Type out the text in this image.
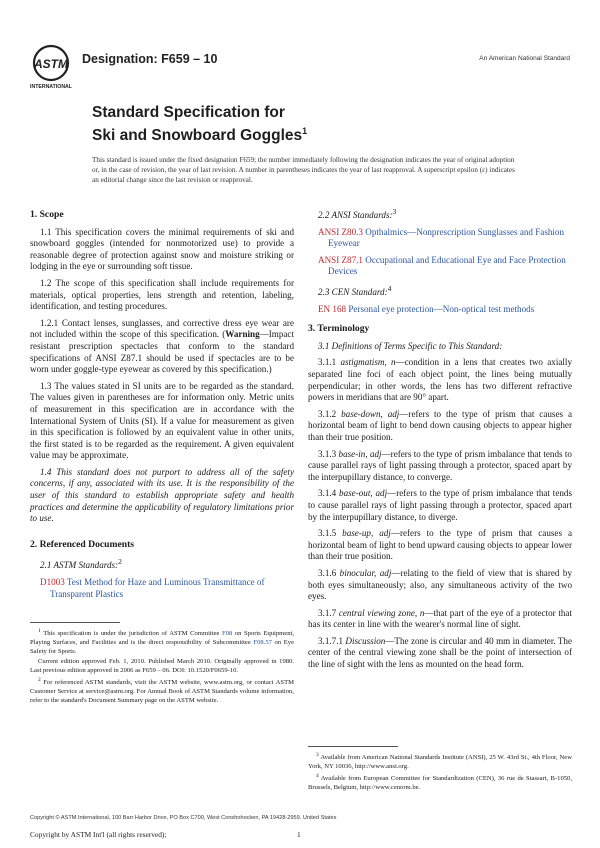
ASTM
INTERNATIONAL
Designation: F659 – 10	An American National Standard
Standard Specification for
Ski and Snowboard Goggles$^1$
This standard is issued under the fixed designation F659; the number immediately following the designation indicates the year of original adoption or, in the case of revision, the year of last revision. A number in parentheses indicates the year of last reapproval. A superscript epsilon (ε) indicates an editorial change since the last revision or reapproval.
1. Scope

1.1 This specification covers the minimal requirements of ski and snowboard goggles (intended for nonmotorized use) to provide a reasonable degree of protection against snow and moisture striking or lodging in the eye or surrounding soft tissue.

1.2 The scope of this specification shall include requirements for materials, optical properties, lens strength and retention, labeling, identification, and testing procedures.

1.2.1 Contact lenses, sunglasses, and corrective dress eye wear are not included within the scope of this specification. (Warning—Impact resistant prescription spectacles that conform to the standard specifications of ANSI Z87.1 should be used if spectacles are to be worn under goggle-type eyewear as covered by this specification.)

1.3 The values stated in SI units are to be regarded as the standard. The values given in parentheses are for information only. Metric units of measurement in this specification are in accordance with the International System of Units (SI). If a value for measurement as given in this specification is followed by an equivalent value in other units, the first stated is to be regarded as the requirement. A given equivalent value may be approximate.

1.4 This standard does not purport to address all of the safety concerns, if any, associated with its use. It is the responsibility of the user of this standard to establish appropriate safety and health practices and determine the applicability of regulatory limitations prior to use.

2. Referenced Documents

2.1 ASTM Standards:$^2$

D1003 Test Method for Haze and Luminous Transmittance of Transparent Plastics

$^1$ This specification is under the jurisdiction of ASTM Committee F08 on Sports Equipment, Playing Surfaces, and Facilities and is the direct responsibility of Subcommittee F08.57 on Eye Safety for Sports.

Current edition approved Feb. 1, 2010. Published March 2010. Originally approved in 1980. Last previous edition approved in 2006 as F659 – 06. DOI: 10.1520/F0659-10.

$^2$ For referenced ASTM standards, visit the ASTM website, www.astm.org, or contact ASTM Customer Service at service@astm.org. For Annual Book of ASTM Standards volume information, refer to the standard's Document Summary page on the ASTM website.

2.2 ANSI Standards:$^3$

ANSI Z80.3 Opthalmics—Nonprescription Sunglasses and Fashion Eyewear

ANSI Z87.1 Occupational and Educational Eye and Face Protection Devices

2.3 CEN Standard:$^4$

EN 168 Personal eye protection—Non-optical test methods

3. Terminology

3.1 Definitions of Terms Specific to This Standard:

3.1.1 astigmatism, n—condition in a lens that creates two axially separated line foci of each object point, the lines being mutually perpendicular; in other words, the lens has two different refractive powers in meridians that are 90° apart.

3.1.2 base-down, adj—refers to the type of prism that causes a horizontal beam of light to bend down causing objects to appear higher than their true position.

3.1.3 base-in, adj—refers to the type of prism imbalance that tends to cause parallel rays of light passing through a protector, spaced apart by the interpupillary distance, to converge.

3.1.4 base-out, adj—refers to the type of prism imbalance that tends to cause parallel rays of light passing through a protector, spaced apart by the interpupillary distance, to diverge.

3.1.5 base-up, adj—refers to the type of prism that causes a horizontal beam of light to bend upward causing objects to appear lower than their true position.

3.1.6 binocular, adj—relating to the field of view that is shared by both eyes simultaneously; also, any simultaneous activity of the two eyes.

3.1.7 central viewing zone, n—that part of the eye of a protector that has its center in line with the wearer's normal line of sight.

3.1.7.1 Discussion—The zone is circular and 40 mm in diameter. The center of the central viewing zone shall be the point of intersection of the line of sight with the lens as mounted on the head form.

$^3$ Available from American National Standards Institute (ANSI), 25 W. 43rd St., 4th Floor, New York, NY 10036, http://www.ansi.org.

$^4$ Available from European Committee for Standardization (CEN), 36 rue de Stassart, B-1050, Brussels, Belgium, http://www.cenorm.be.

Copyright © ASTM International, 100 Barr Harbor Drive, PO Box C700, West Conshohocken, PA 19428-2959. United States
Copyright by ASTM Int'l (all rights reserved);	1
